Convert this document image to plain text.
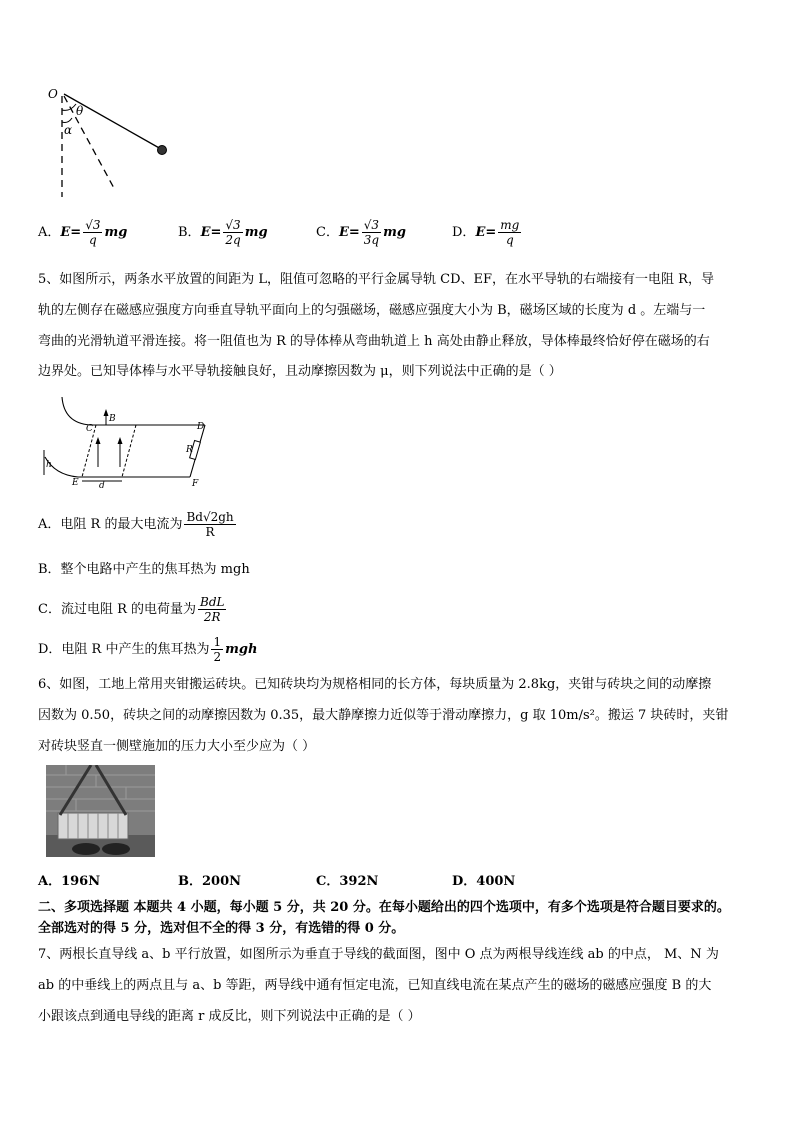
O
θ
α
A．$E= \frac{√3}{q}$ mg	B．$E= \frac{√3}{2q}$ mg	C．$E= \frac{√3}{3q}$ mg	D．$E= \frac{mg}{q}$
5、如图所示，两条水平放置的间距为 L，阻值可忽略的平行金属导轨 CD、EF，在水平导轨的右端接有一电阻 R，导
轨的左侧存在磁感应强度方向垂直导轨平面向上的匀强磁场，磁感应强度大小为 B，磁场区域的长度为 d 。左端与一
弯曲的光滑轨道平滑连接。将一阻值也为 R 的导体棒从弯曲轨道上 h 高处由静止释放，导体棒最终恰好停在磁场的右
边界处。已知导体棒与水平导轨接触良好，且动摩擦因数为 μ，则下列说法中正确的是（ ）
B
C	D
E	F
R
h
d
A．电阻 R 的最大电流为 $\frac{Bd√2gh}{R}$
B．整个电路中产生的焦耳热为 mgh
C．流过电阻 R 的电荷量为 $\frac{\text{BdL}}{2R}$
D．电阻 R 中产生的焦耳热为 $\frac{1}{2}$ mgh
6、如图，工地上常用夹钳搬运砖块。已知砖块均为规格相同的长方体，每块质量为 2.8kg，夹钳与砖块之间的动摩擦
因数为 0.50，砖块之间的动摩擦因数为 0.35，最大静摩擦力近似等于滑动摩擦力，g 取 10m/s²。搬运 7 块砖时，夹钳
对砖块竖直一侧壁施加的压力大小至少应为（ ）
A．196N	B．200N	C．392N	D．400N
二、多项选择题 本题共 4 小题，每小题 5 分，共 20 分。在每小题给出的四个选项中，有多个选项是符合题目要求的。
全部选对的得 5 分，选对但不全的得 3 分，有选错的得 0 分。
7、两根长直导线 a、b 平行放置，如图所示为垂直于导线的截面图，图中 O 点为两根导线连线 ab 的中点， M、N 为
ab 的中垂线上的两点且与 a、b 等距，两导线中通有恒定电流，已知直线电流在某点产生的磁场的磁感应强度 B 的大
小跟该点到通电导线的距离 r 成反比，则下列说法中正确的是（ ）
